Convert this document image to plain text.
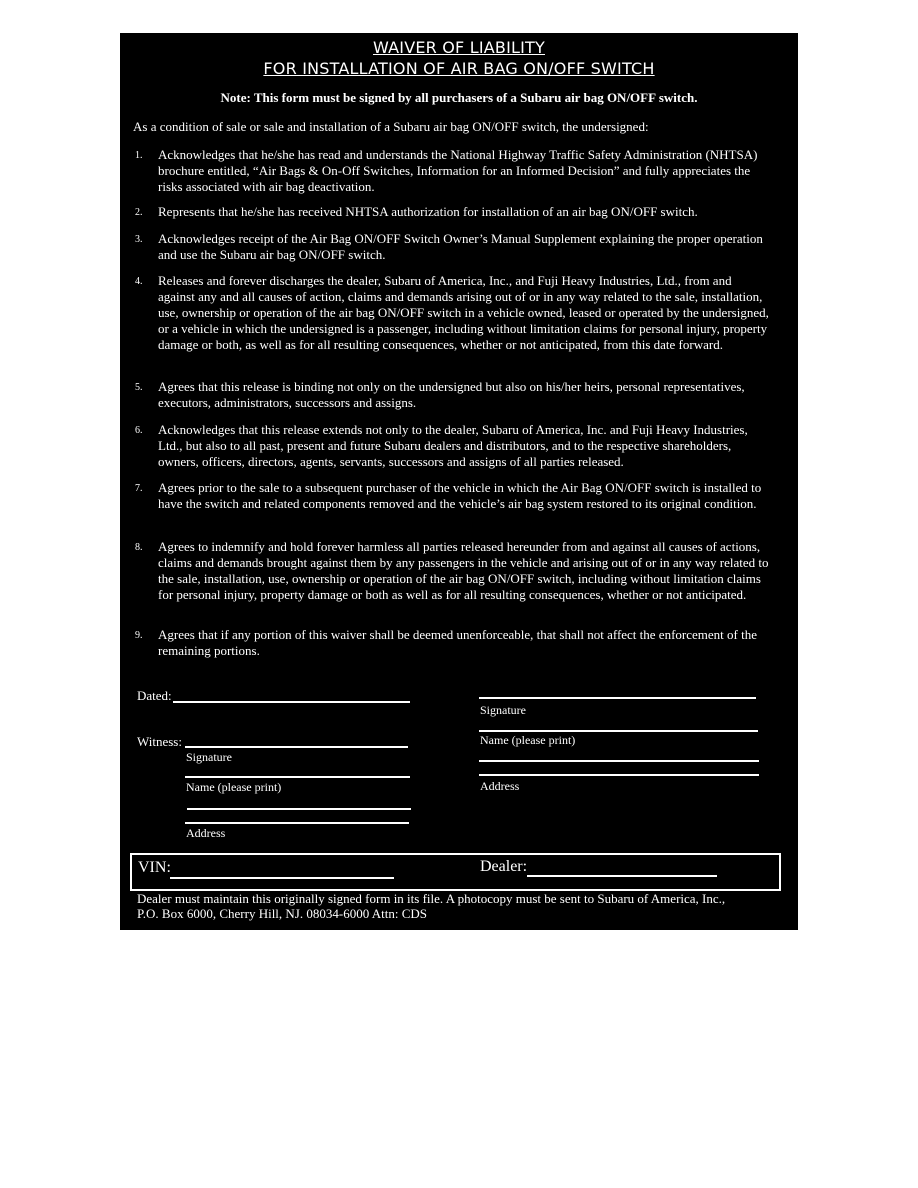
WAIVER OF LIABILITY
FOR INSTALLATION OF AIR BAG ON/OFF SWITCH
Note: This form must be signed by all purchasers of a Subaru air bag ON/OFF switch.
As a condition of sale or sale and installation of a Subaru air bag ON/OFF switch, the undersigned:
1. Acknowledges that he/she has read and understands the National Highway Traffic Safety Administration (NHTSA) brochure entitled, “Air Bags & On-Off Switches, Information for an Informed Decision” and fully appreciates the risks associated with air bag deactivation.
2. Represents that he/she has received NHTSA authorization for installation of an air bag ON/OFF switch.
3. Acknowledges receipt of the Air Bag ON/OFF Switch Owner’s Manual Supplement explaining the proper operation and use the Subaru air bag ON/OFF switch.
4. Releases and forever discharges the dealer, Subaru of America, Inc., and Fuji Heavy Industries, Ltd., from and against any and all causes of action, claims and demands arising out of or in any way related to the sale, installation, use, ownership or operation of the air bag ON/OFF switch in a vehicle owned, leased or operated by the undersigned, or a vehicle in which the undersigned is a passenger, including without limitation claims for personal injury, property damage or both, as well as for all resulting consequences, whether or not anticipated, from this date forward.
5. Agrees that this release is binding not only on the undersigned but also on his/her heirs, personal representatives, executors, administrators, successors and assigns.
6. Acknowledges that this release extends not only to the dealer, Subaru of America, Inc. and Fuji Heavy Industries, Ltd., but also to all past, present and future Subaru dealers and distributors, and to the respective shareholders, owners, officers, directors, agents, servants, successors and assigns of all parties released.
7. Agrees prior to the sale to a subsequent purchaser of the vehicle in which the Air Bag ON/OFF switch is installed to have the switch and related components removed and the vehicle’s air bag system restored to its original condition.
8. Agrees to indemnify and hold forever harmless all parties released hereunder from and against all causes of actions, claims and demands brought against them by any passengers in the vehicle and arising out of or in any way related to the sale, installation, use, ownership or operation of the air bag ON/OFF switch, including without limitation claims for personal injury, property damage or both as well as for all resulting consequences, whether or not anticipated.
9. Agrees that if any portion of this waiver shall be deemed unenforceable, that shall not affect the enforcement of the remaining portions.
Dated:
Witness:
Signature
Name (please print)
Address
Signature
Name (please print)
Address
VIN:	Dealer:
Dealer must maintain this originally signed form in its file. A photocopy must be sent to Subaru of America, Inc.,
P.O. Box 6000, Cherry Hill, NJ. 08034-6000 Attn: CDS
